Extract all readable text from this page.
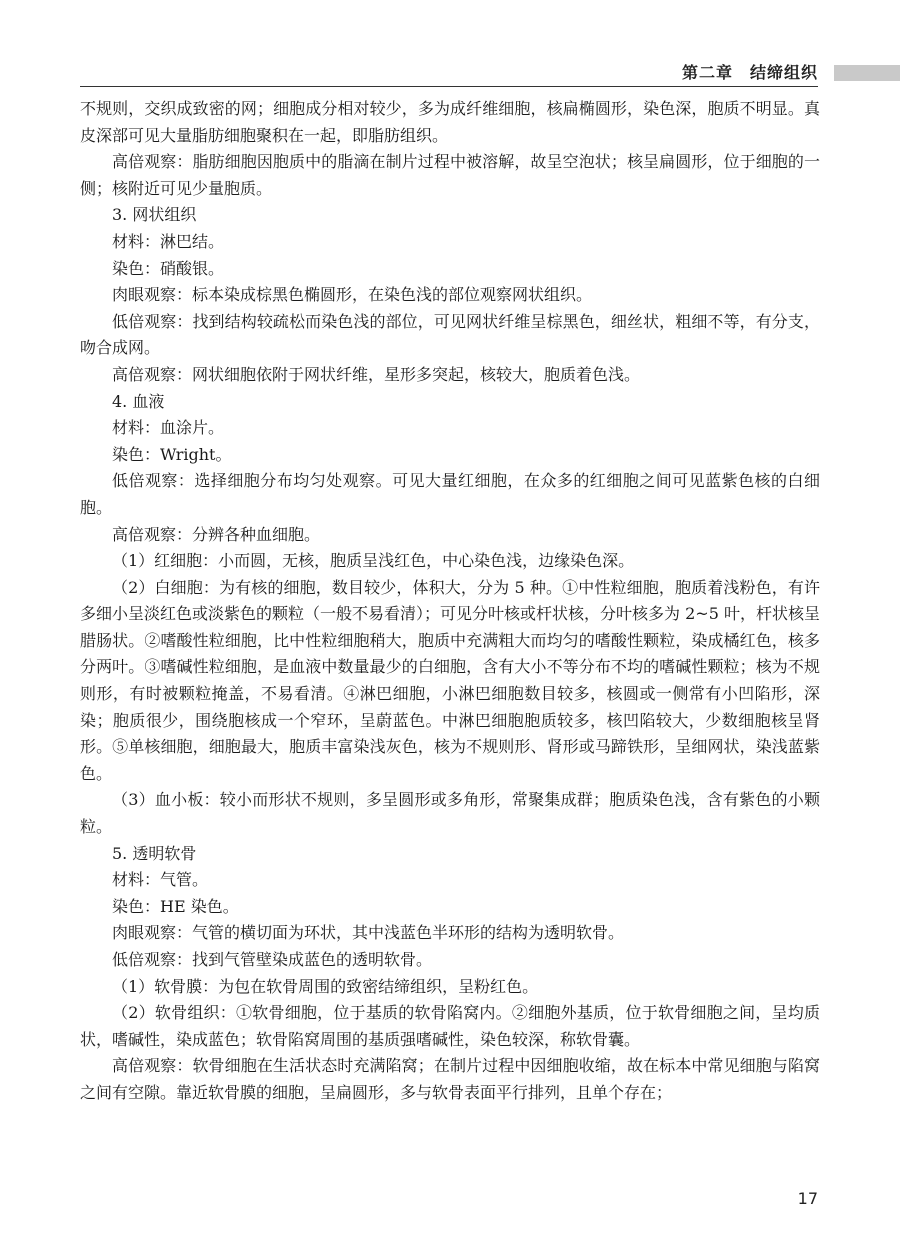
第二章　结缔组织

不规则，交织成致密的网；细胞成分相对较少，多为成纤维细胞，核扁椭圆形，染色深，胞质不明显。真皮深部可见大量脂肪细胞聚积在一起，即脂肪组织。

高倍观察：脂肪细胞因胞质中的脂滴在制片过程中被溶解，故呈空泡状；核呈扁圆形，位于细胞的一侧；核附近可见少量胞质。

3. 网状组织

材料：淋巴结。

染色：硝酸银。

肉眼观察：标本染成棕黑色椭圆形，在染色浅的部位观察网状组织。

低倍观察：找到结构较疏松而染色浅的部位，可见网状纤维呈棕黑色，细丝状，粗细不等，有分支，吻合成网。

高倍观察：网状细胞依附于网状纤维，星形多突起，核较大，胞质着色浅。

4. 血液

材料：血涂片。

染色：Wright。

低倍观察：选择细胞分布均匀处观察。可见大量红细胞，在众多的红细胞之间可见蓝紫色核的白细胞。

高倍观察：分辨各种血细胞。

（1）红细胞：小而圆，无核，胞质呈浅红色，中心染色浅，边缘染色深。

（2）白细胞：为有核的细胞，数目较少，体积大，分为 5 种。①中性粒细胞，胞质着浅粉色，有许多细小呈淡红色或淡紫色的颗粒（一般不易看清）；可见分叶核或杆状核，分叶核多为 2~5 叶，杆状核呈腊肠状。②嗜酸性粒细胞，比中性粒细胞稍大，胞质中充满粗大而均匀的嗜酸性颗粒，染成橘红色，核多分两叶。③嗜碱性粒细胞，是血液中数量最少的白细胞，含有大小不等分布不均的嗜碱性颗粒；核为不规则形，有时被颗粒掩盖，不易看清。④淋巴细胞，小淋巴细胞数目较多，核圆或一侧常有小凹陷形，深染；胞质很少，围绕胞核成一个窄环，呈蔚蓝色。中淋巴细胞胞质较多，核凹陷较大，少数细胞核呈肾形。⑤单核细胞，细胞最大，胞质丰富染浅灰色，核为不规则形、肾形或马蹄铁形，呈细网状，染浅蓝紫色。

（3）血小板：较小而形状不规则，多呈圆形或多角形，常聚集成群；胞质染色浅，含有紫色的小颗粒。

5. 透明软骨

材料：气管。

染色：HE 染色。

肉眼观察：气管的横切面为环状，其中浅蓝色半环形的结构为透明软骨。

低倍观察：找到气管壁染成蓝色的透明软骨。

（1）软骨膜：为包在软骨周围的致密结缔组织，呈粉红色。

（2）软骨组织：①软骨细胞，位于基质的软骨陷窝内。②细胞外基质，位于软骨细胞之间，呈均质状，嗜碱性，染成蓝色；软骨陷窝周围的基质强嗜碱性，染色较深，称软骨囊。

高倍观察：软骨细胞在生活状态时充满陷窝；在制片过程中因细胞收缩，故在标本中常见细胞与陷窝之间有空隙。靠近软骨膜的细胞，呈扁圆形，多与软骨表面平行排列，且单个存在；

17
